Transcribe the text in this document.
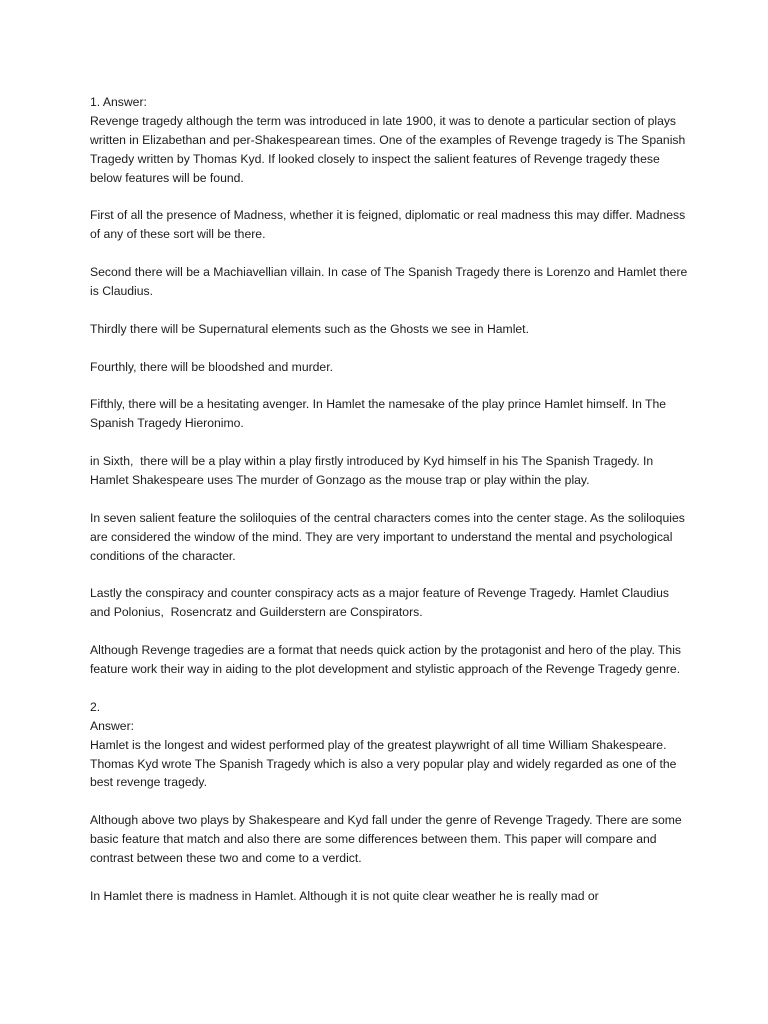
1. Answer:

Revenge tragedy although the term was introduced in late 1900, it was to denote a particular section of plays written in Elizabethan and per-Shakespearean times. One of the examples of Revenge tragedy is The Spanish Tragedy written by Thomas Kyd. If looked closely to inspect the salient features of Revenge tragedy these below features will be found.

First of all the presence of Madness, whether it is feigned, diplomatic or real madness this may differ. Madness of any of these sort will be there.

Second there will be a Machiavellian villain. In case of The Spanish Tragedy there is Lorenzo and Hamlet there is Claudius.

Thirdly there will be Supernatural elements such as the Ghosts we see in Hamlet.

Fourthly, there will be bloodshed and murder.

Fifthly, there will be a hesitating avenger. In Hamlet the namesake of the play prince Hamlet himself. In The Spanish Tragedy Hieronimo.

in Sixth,  there will be a play within a play firstly introduced by Kyd himself in his The Spanish Tragedy. In Hamlet Shakespeare uses The murder of Gonzago as the mouse trap or play within the play.

In seven salient feature the soliloquies of the central characters comes into the center stage. As the soliloquies are considered the window of the mind. They are very important to understand the mental and psychological conditions of the character.

Lastly the conspiracy and counter conspiracy acts as a major feature of Revenge Tragedy. Hamlet Claudius and Polonius,  Rosencratz and Guilderstern are Conspirators.

Although Revenge tragedies are a format that needs quick action by the protagonist and hero of the play. This feature work their way in aiding to the plot development and stylistic approach of the Revenge Tragedy genre.

2.

Answer:

Hamlet is the longest and widest performed play of the greatest playwright of all time William Shakespeare. Thomas Kyd wrote The Spanish Tragedy which is also a very popular play and widely regarded as one of the best revenge tragedy.

Although above two plays by Shakespeare and Kyd fall under the genre of Revenge Tragedy. There are some basic feature that match and also there are some differences between them. This paper will compare and contrast between these two and come to a verdict.

In Hamlet there is madness in Hamlet. Although it is not quite clear weather he is really mad or
